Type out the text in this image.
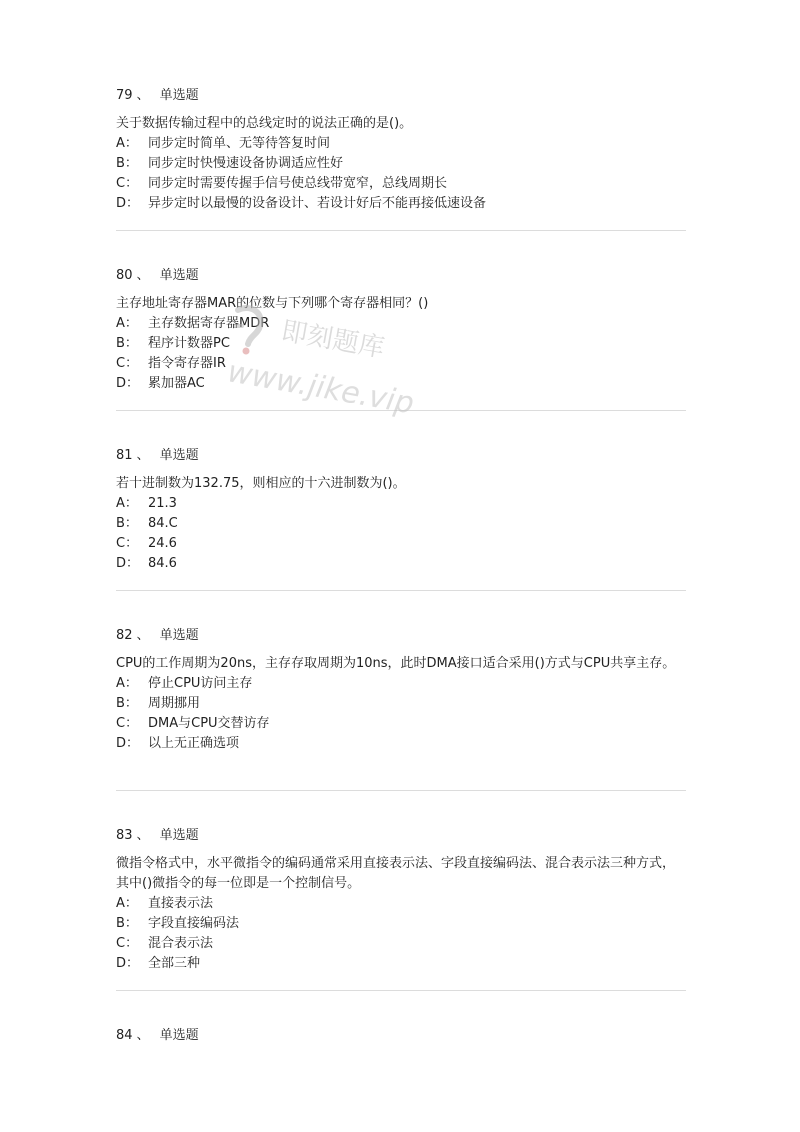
79 、 单选题
关于数据传输过程中的总线定时的说法正确的是()。
A： 同步定时简单、无等待答复时间
B： 同步定时快慢速设备协调适应性好
C： 同步定时需要传握手信号使总线带宽窄，总线周期长
D： 异步定时以最慢的设备设计、若设计好后不能再接低速设备
80 、 单选题
主存地址寄存器MAR的位数与下列哪个寄存器相同？()
A： 主存数据寄存器MDR
B： 程序计数器PC
C： 指令寄存器IR
D： 累加器AC
81 、 单选题
若十进制数为132.75，则相应的十六进制数为()。
A： 21.3
B： 84.C
C： 24.6
D： 84.6
82 、 单选题
CPU的工作周期为20ns，主存存取周期为10ns，此时DMA接口适合采用()方式与CPU共享主存。
A： 停止CPU访问主存
B： 周期挪用
C： DMA与CPU交替访存
D： 以上无正确选项
83 、 单选题
微指令格式中，水平微指令的编码通常采用直接表示法、字段直接编码法、混合表示法三种方式，其中()微指令的每一位即是一个控制信号。
A： 直接表示法
B： 字段直接编码法
C： 混合表示法
D： 全部三种
84 、 单选题
即刻题库
www.jike.vip
